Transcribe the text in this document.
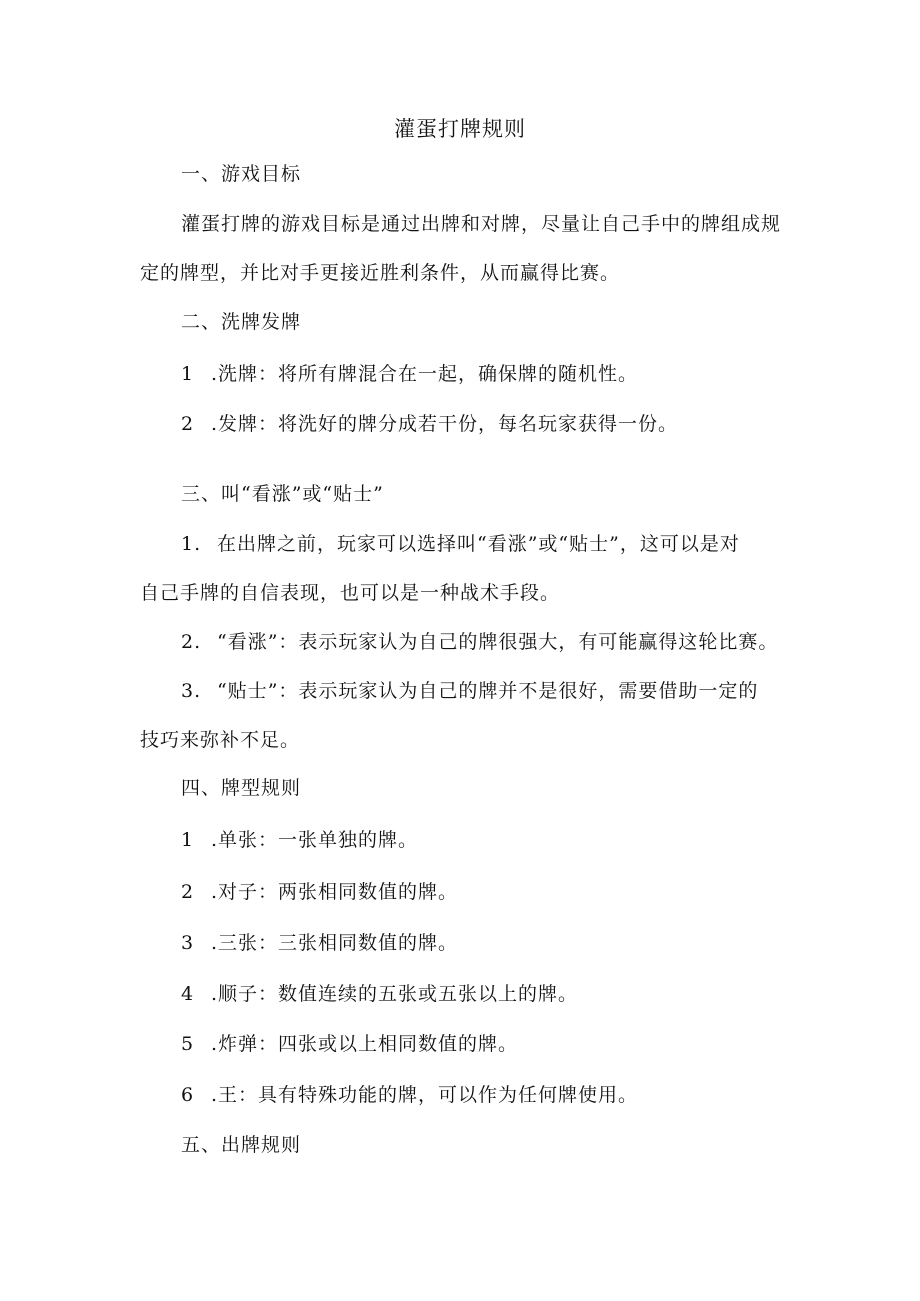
灌蛋打牌规则
一、游戏目标
灌蛋打牌的游戏目标是通过出牌和对牌，尽量让自己手中的牌组成规
定的牌型，并比对手更接近胜利条件，从而赢得比赛。
二、洗牌发牌
1 .洗牌：将所有牌混合在一起，确保牌的随机性。
2 .发牌：将洗好的牌分成若干份，每名玩家获得一份。
三、叫“看涨”或“贴士”
1. 在出牌之前，玩家可以选择叫“看涨”或“贴士”，这可以是对
自己手牌的自信表现，也可以是一种战术手段。
2. “看涨”：表示玩家认为自己的牌很强大，有可能赢得这轮比赛。
3. “贴士”：表示玩家认为自己的牌并不是很好，需要借助一定的
技巧来弥补不足。
四、牌型规则
1 .单张：一张单独的牌。
2 .对子：两张相同数值的牌。
3 .三张：三张相同数值的牌。
4 .顺子：数值连续的五张或五张以上的牌。
5 .炸弹：四张或以上相同数值的牌。
6 .王：具有特殊功能的牌，可以作为任何牌使用。
五、出牌规则
